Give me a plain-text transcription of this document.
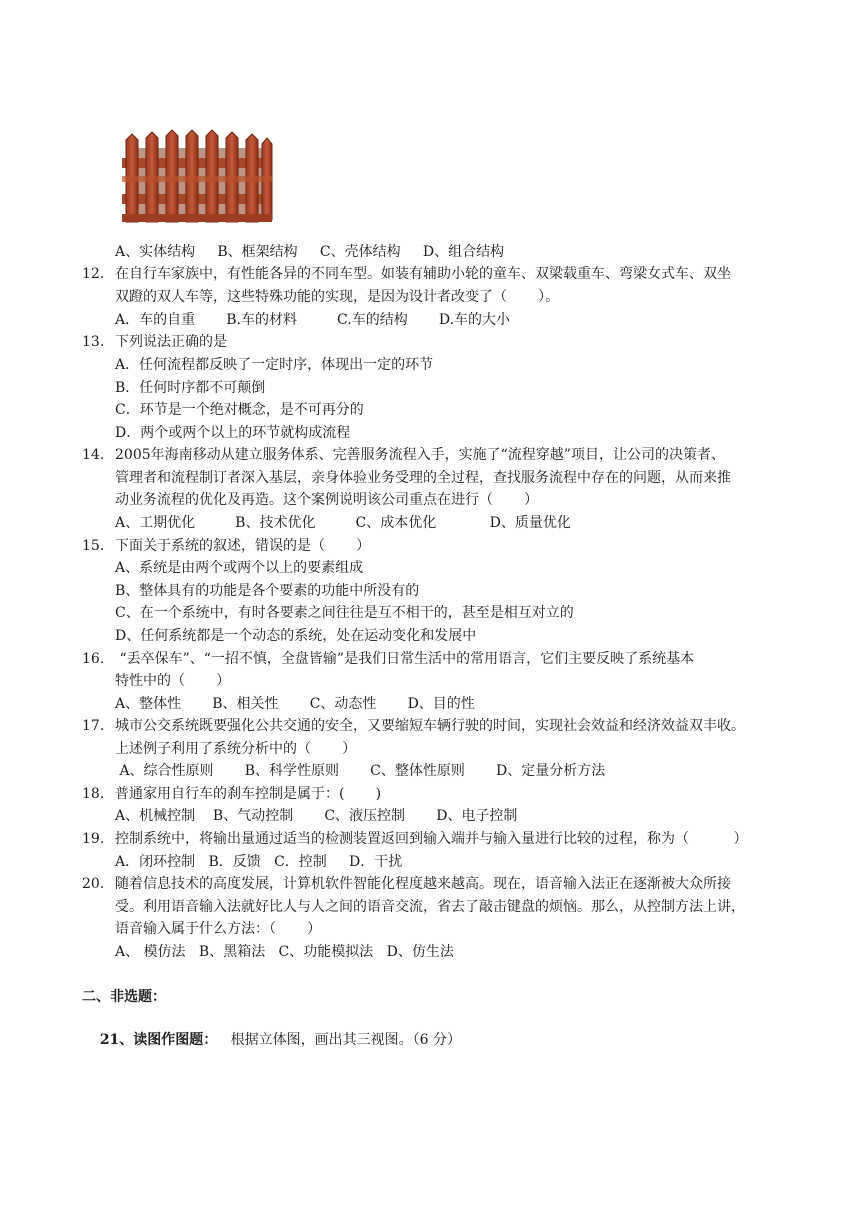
A、实体结构     B、框架结构     C、壳体结构     D、组合结构
12. 在自行车家族中，有性能各异的不同车型。如装有辅助小轮的童车、双梁载重车、弯梁女式车、双坐
双蹬的双人车等，这些特殊功能的实现，是因为设计者改变了（       ）。
A．车的自重       B.车的材料         C.车的结构       D.车的大小
13. 下列说法正确的是
A．任何流程都反映了一定时序，体现出一定的环节
B．任何时序都不可颠倒
C．环节是一个绝对概念，是不可再分的
D．两个或两个以上的环节就构成流程
14. 2005年海南移动从建立服务体系、完善服务流程入手，实施了“流程穿越”项目，让公司的决策者、
管理者和流程制订者深入基层，亲身体验业务受理的全过程，查找服务流程中存在的问题，从而来推
动业务流程的优化及再造。这个案例说明该公司重点在进行（       ）
A、工期优化         B、技术优化         C、成本优化            D、质量优化
15. 下面关于系统的叙述，错误的是（       ）
A、系统是由两个或两个以上的要素组成
B、整体具有的功能是各个要素的功能中所没有的
C、在一个系统中，有时各要素之间往往是互不相干的，甚至是相互对立的
D、任何系统都是一个动态的系统，处在运动变化和发展中
16. “丢卒保车”、“一招不慎，全盘皆输”是我们日常生活中的常用语言，它们主要反映了系统基本
特性中的（       ）
A、整体性       B、相关性       C、动态性       D、目的性
17. 城市公交系统既要强化公共交通的安全，又要缩短车辆行驶的时间，实现社会效益和经济效益双丰收。
上述例子利用了系统分析中的（       ）
A、综合性原则       B、科学性原则       C、整体性原则       D、定量分析方法
18. 普通家用自行车的刹车控制是属于：(       )
A、机械控制    B、气动控制       C、液压控制       D、电子控制
19. 控制系统中，将输出量通过适当的检测装置返回到输入端并与输入量进行比较的过程，称为（          ）
A．闭环控制   B．反馈   C．控制     D．干扰
20. 随着信息技术的高度发展，计算机软件智能化程度越来越高。现在，语音输入法正在逐渐被大众所接
受。利用语音输入法就好比人与人之间的语音交流，省去了敲击键盘的烦恼。那么，从控制方法上讲，
语音输入属于什么方法：（       ）
A、 模仿法   B、黑箱法   C、功能模拟法   D、仿生法
二、非选题：

21、读图作图题：   根据立体图，画出其三视图。（6 分）
